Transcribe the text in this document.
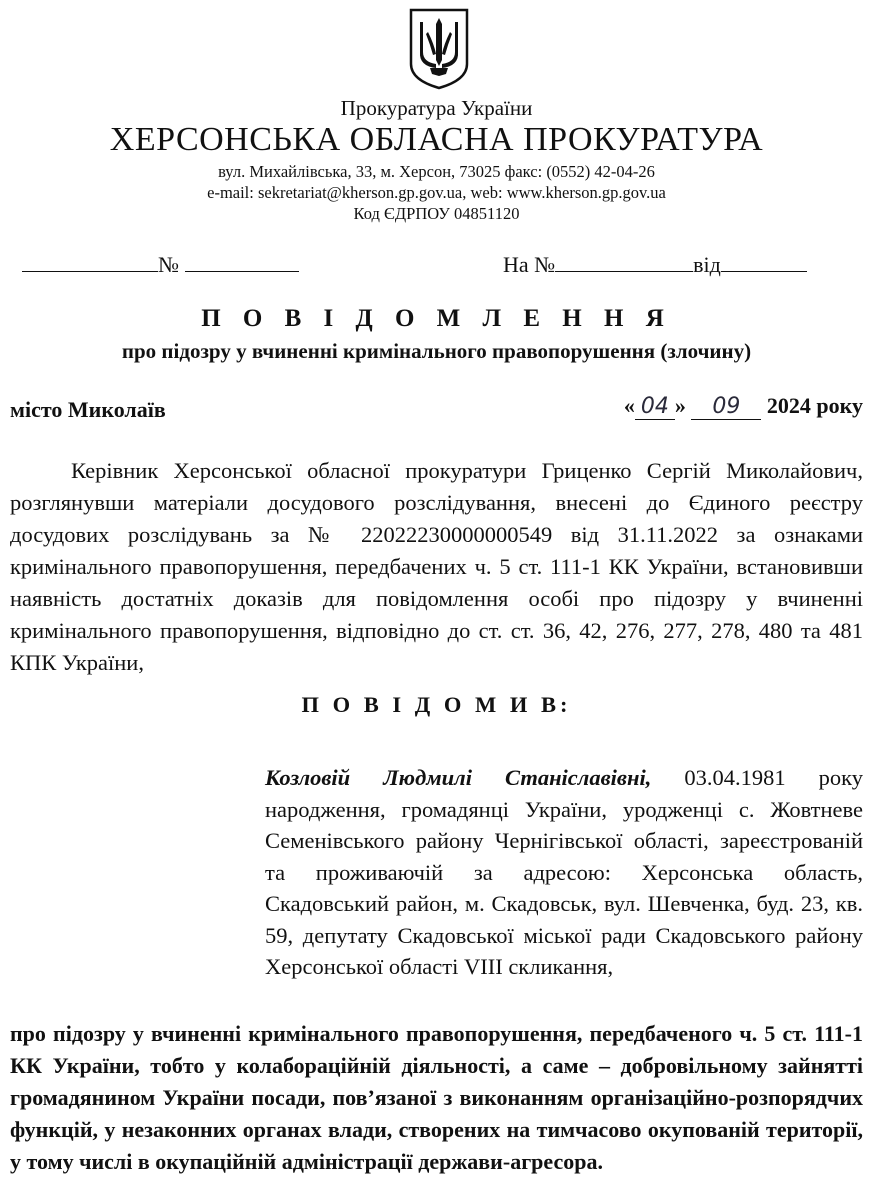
Прокуратура України
ХЕРСОНСЬКА ОБЛАСНА ПРОКУРАТУРА
вул. Михайлівська, 33, м. Херсон, 73025 факс: (0552) 42-04-26
e-mail: sekretariat@kherson.gp.gov.ua, web: www.kherson.gp.gov.ua
Код ЄДРПОУ 04851120
№	На №	від
П О В І Д О М Л Е Н Н Я
про підозру у вчиненні кримінального правопорушення (злочину)
місто Миколаїв	« 04 » 09 2024 року
Керівник Херсонської обласної прокуратури Гриценко Сергій Миколайович, розглянувши матеріали досудового розслідування, внесені до Єдиного реєстру досудових розслідувань за № 22022230000000549 від 31.11.2022 за ознаками кримінального правопорушення, передбачених ч. 5 ст. 111-1 КК України, встановивши наявність достатніх доказів для повідомлення особі про підозру у вчиненні кримінального правопорушення, відповідно до ст. ст. 36, 42, 276, 277, 278, 480 та 481 КПК України,
П О В І Д О М И В:
Козловій Людмилі Станіславівні, 03.04.1981 року народження, громадянці України, уродженці с. Жовтневе Семенівського району Чернігівської області, зареєстрованій та проживаючій за адресою: Херсонська область, Скадовський район, м. Скадовськ, вул. Шевченка, буд. 23, кв. 59, депутату Скадовської міської ради Скадовського району Херсонської області VIII скликання,
про підозру у вчиненні кримінального правопорушення, передбаченого ч. 5 ст. 111-1 КК України, тобто у колабораційній діяльності, а саме – добровільному зайнятті громадянином України посади, пов’язаної з виконанням організаційно-розпорядчих функцій, у незаконних органах влади, створених на тимчасово окупованій території, у тому числі в окупаційній адміністрації держави-агресора.
